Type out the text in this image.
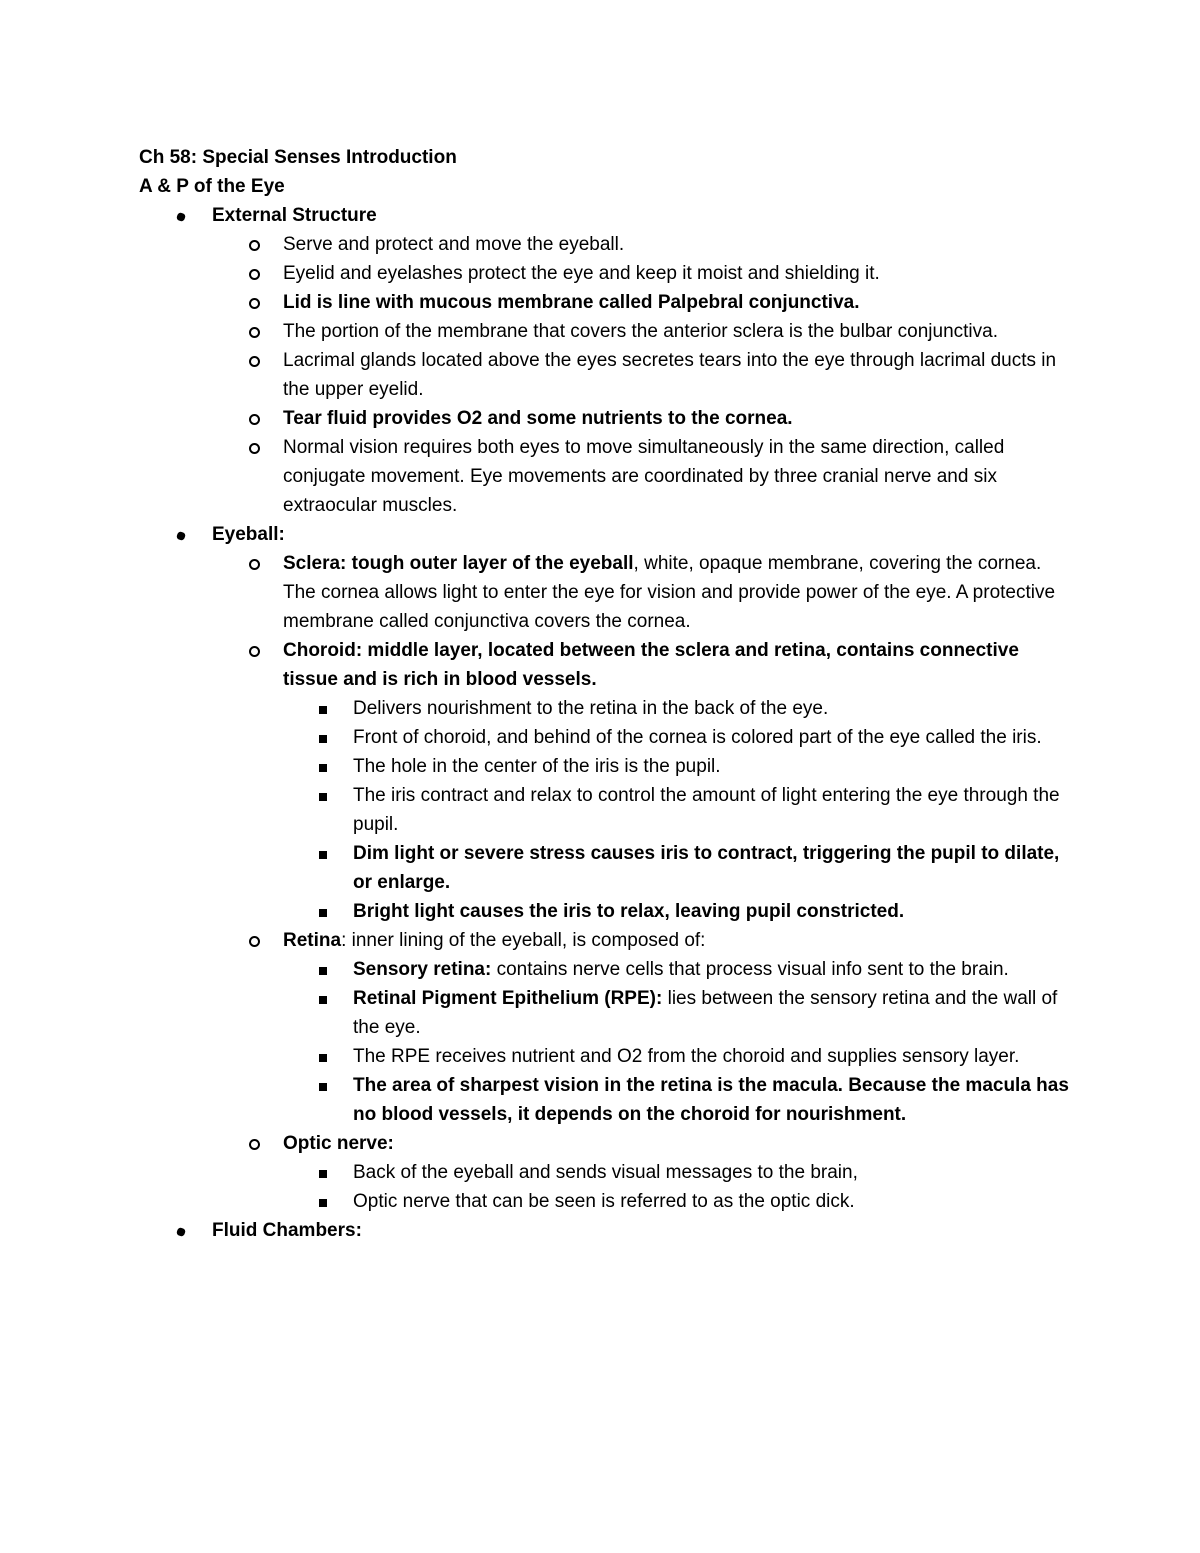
Ch 58: Special Senses Introduction
A & P of the Eye
External Structure
Serve and protect and move the eyeball.
Eyelid and eyelashes protect the eye and keep it moist and shielding it.
Lid is line with mucous membrane called Palpebral conjunctiva.
The portion of the membrane that covers the anterior sclera is the bulbar conjunctiva.
Lacrimal glands located above the eyes secretes tears into the eye through lacrimal ducts in the upper eyelid.
Tear fluid provides O2 and some nutrients to the cornea.
Normal vision requires both eyes to move simultaneously in the same direction, called conjugate movement. Eye movements are coordinated by three cranial nerve and six extraocular muscles.
Eyeball:
Sclera: tough outer layer of the eyeball, white, opaque membrane, covering the cornea. The cornea allows light to enter the eye for vision and provide power of the eye. A protective membrane called conjunctiva covers the cornea.
Choroid: middle layer, located between the sclera and retina, contains connective tissue and is rich in blood vessels.
Delivers nourishment to the retina in the back of the eye.
Front of choroid, and behind of the cornea is colored part of the eye called the iris.
The hole in the center of the iris is the pupil.
The iris contract and relax to control the amount of light entering the eye through the pupil.
Dim light or severe stress causes iris to contract, triggering the pupil to dilate, or enlarge.
Bright light causes the iris to relax, leaving pupil constricted.
Retina: inner lining of the eyeball, is composed of:
Sensory retina: contains nerve cells that process visual info sent to the brain.
Retinal Pigment Epithelium (RPE): lies between the sensory retina and the wall of the eye.
The RPE receives nutrient and O2 from the choroid and supplies sensory layer.
The area of sharpest vision in the retina is the macula. Because the macula has no blood vessels, it depends on the choroid for nourishment.
Optic nerve:
Back of the eyeball and sends visual messages to the brain,
Optic nerve that can be seen is referred to as the optic dick.
Fluid Chambers:
